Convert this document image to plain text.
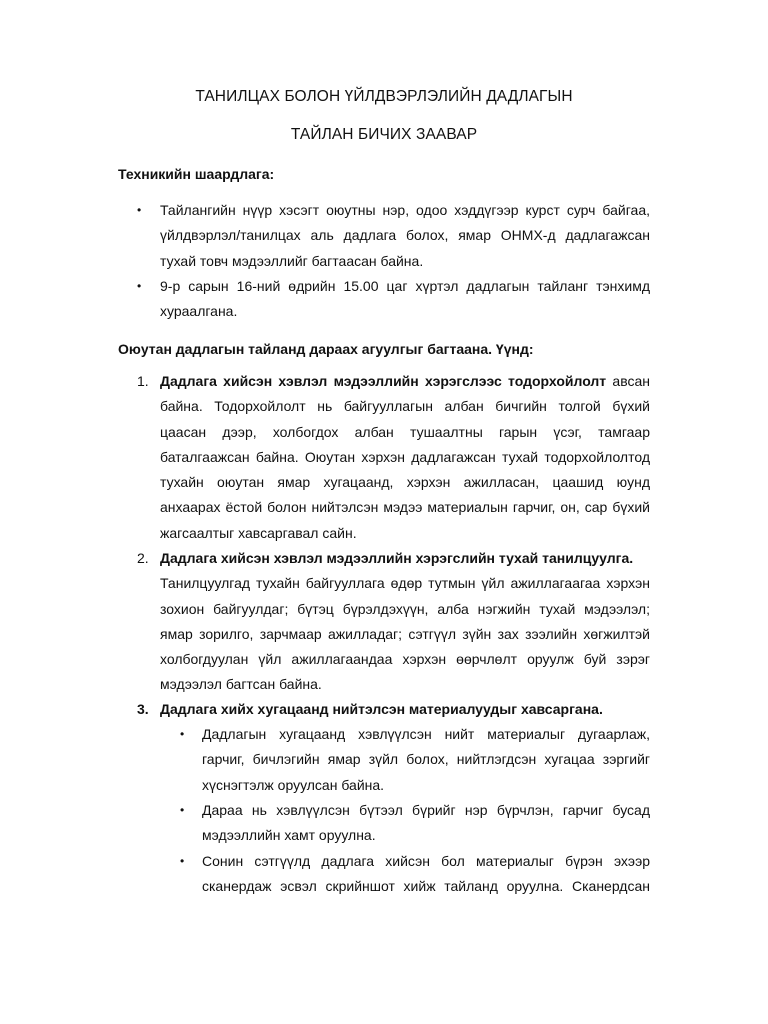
ТАНИЛЦАХ БОЛОН ҮЙЛДВЭРЛЭЛИЙН ДАДЛАГЫН
ТАЙЛАН БИЧИХ ЗААВАР
Техникийн шаардлага:
• Тайлангийн нүүр хэсэгт оюутны нэр, одоо хэддүгээр курст сурч байгаа,
үйлдвэрлэл/танилцах аль дадлага болох, ямар ОНМХ-д дадлагажсан
тухай товч мэдээллийг багтаасан байна.
• 9-р сарын 16-ний өдрийн 15.00 цаг хүртэл дадлагын тайланг тэнхимд
хураалгана.
Оюутан дадлагын тайланд дараах агуулгыг багтаана. Үүнд:
1. Дадлага хийсэн хэвлэл мэдээллийн хэрэгслээс тодорхойлолт авсан
байна. Тодорхойлолт нь байгууллагын албан бичгийн толгой бүхий
цаасан дээр, холбогдох албан тушаалтны гарын үсэг, тамгаар
баталгаажсан байна. Оюутан хэрхэн дадлагажсан тухай тодорхойлолтод
тухайн оюутан ямар хугацаанд, хэрхэн ажилласан, цаашид юунд
анхаарах ёстой болон нийтэлсэн мэдээ материалын гарчиг, он, сар бүхий
жагсаалтыг хавсаргавал сайн.
2. Дадлага хийсэн хэвлэл мэдээллийн хэрэгслийн тухай танилцуулга.
Танилцуулгад тухайн байгууллага өдөр тутмын үйл ажиллагаагаа хэрхэн
зохион байгуулдаг; бүтэц бүрэлдэхүүн, алба нэгжийн тухай мэдээлэл;
ямар зорилго, зарчмаар ажилладаг; сэтгүүл зүйн зах зээлийн хөгжилтэй
холбогдуулан үйл ажиллагаандаа хэрхэн өөрчлөлт оруулж буй зэрэг
мэдээлэл багтсан байна.
3. Дадлага хийх хугацаанд нийтэлсэн материалуудыг хавсаргана.
• Дадлагын хугацаанд хэвлүүлсэн нийт материалыг дугаарлаж,
гарчиг, бичлэгийн ямар зүйл болох, нийтлэгдсэн хугацаа зэргийг
хүснэгтэлж оруулсан байна.
• Дараа нь хэвлүүлсэн бүтээл бүрийг нэр бүрчлэн, гарчиг бусад
мэдээллийн хамт оруулна.
• Сонин сэтгүүлд дадлага хийсэн бол материалыг бүрэн эхээр
сканердаж эсвэл скрийншот хийж тайланд оруулна. Сканердсан
